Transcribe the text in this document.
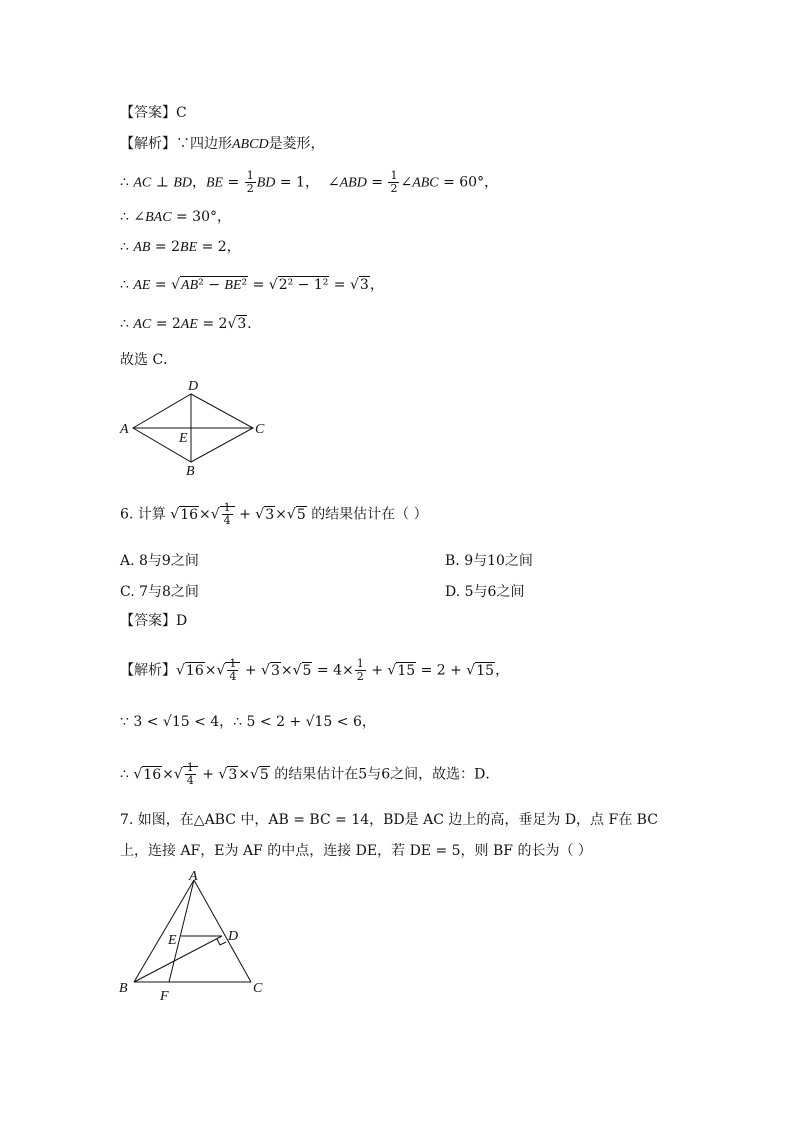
【答案】C
【解析】∵四边形ABCD是菱形，
∴ AC ⊥ BD，BE = $\frac{1}{2}$ BD = 1，  ∠ABD = $\frac{1}{2}$ ∠ABC = 60°，
∴ ∠BAC = 30°，
∴ AB = 2BE = 2，
∴ AE = √AB² − BE² = √2² − 1² = √3，
∴ AC = 2AE = 2√3．
故选 C．
D
A	C
B
E
6. 计算 $√16\times√ \frac{1}{4} + √3\times√5$ 的结果估计在（ ）
A. 8与9之间	B. 9与10之间
C. 7与8之间	D. 5与6之间
【答案】D
【解析】$√16\times√ \frac{1}{4} + √3\times√5 = 4\times \frac{1}{2} + √15 = 2 + √15$，
∵ 3 < √15 < 4，∴ 5 < 2 + √15 < 6，
∴ $√16\times√ \frac{1}{4} + √3\times√5$ 的结果估计在5与6之间，故选：D．
7. 如图，在△ABC 中，AB = BC = 14，BD是 AC 边上的高，垂足为 D，点 F在 BC
上，连接 AF，E为 AF 的中点，连接 DE，若 DE = 5，则 BF 的长为（ ）
A
E	D
B
F
C
